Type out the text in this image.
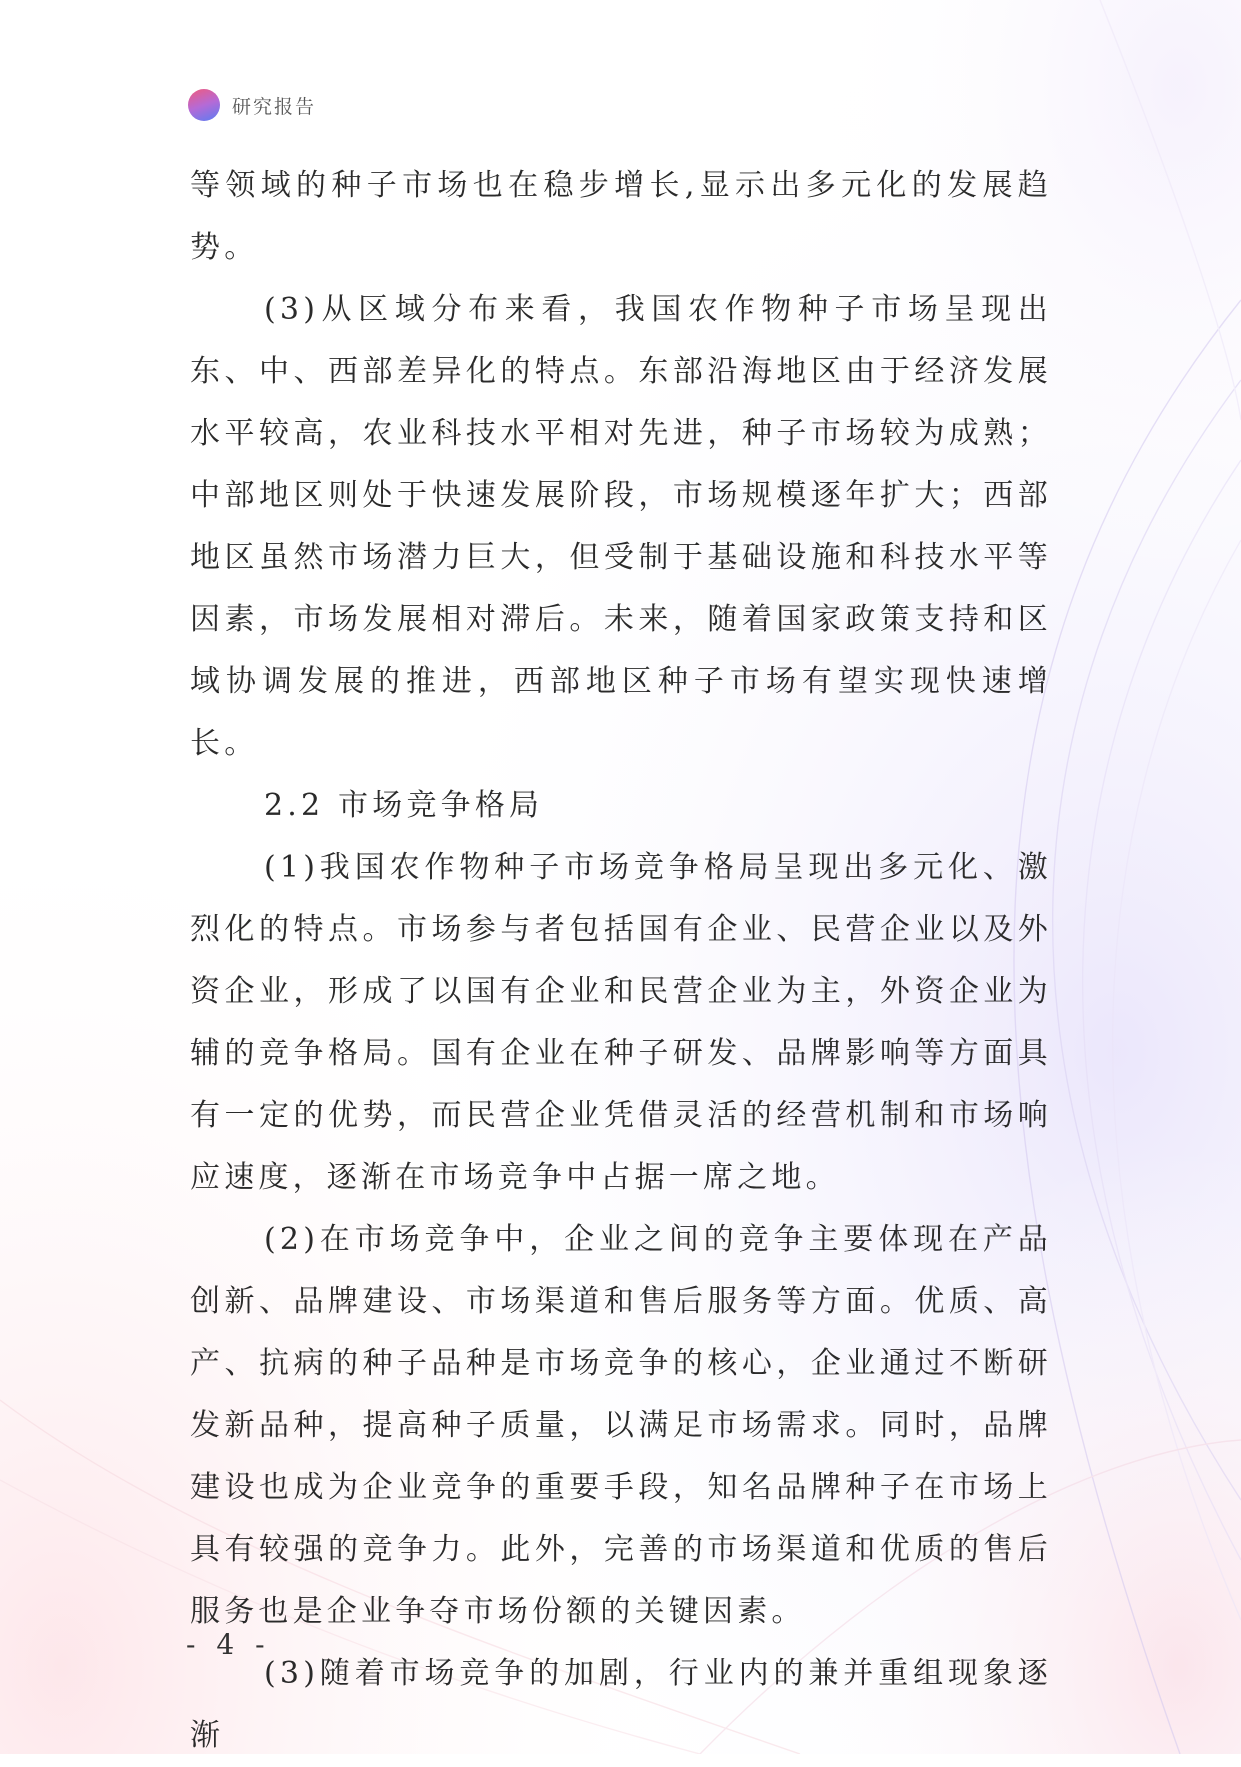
研究报告

等领域的种子市场也在稳步增长,显示出多元化的发展趋势。

(3)从区域分布来看，我国农作物种子市场呈现出东、中、西部差异化的特点。东部沿海地区由于经济发展水平较高，农业科技水平相对先进，种子市场较为成熟；中部地区则处于快速发展阶段，市场规模逐年扩大；西部地区虽然市场潜力巨大，但受制于基础设施和科技水平等因素，市场发展相对滞后。未来，随着国家政策支持和区域协调发展的推进，西部地区种子市场有望实现快速增长。

2.2 市场竞争格局

(1)我国农作物种子市场竞争格局呈现出多元化、激烈化的特点。市场参与者包括国有企业、民营企业以及外资企业，形成了以国有企业和民营企业为主，外资企业为辅的竞争格局。国有企业在种子研发、品牌影响等方面具有一定的优势，而民营企业凭借灵活的经营机制和市场响应速度，逐渐在市场竞争中占据一席之地。

(2)在市场竞争中，企业之间的竞争主要体现在产品创新、品牌建设、市场渠道和售后服务等方面。优质、高产、抗病的种子品种是市场竞争的核心，企业通过不断研发新品种，提高种子质量，以满足市场需求。同时，品牌建设也成为企业竞争的重要手段，知名品牌种子在市场上具有较强的竞争力。此外，完善的市场渠道和优质的售后服务也是企业争夺市场份额的关键因素。

(3)随着市场竞争的加剧，行业内的兼并重组现象逐渐

- 4 -
